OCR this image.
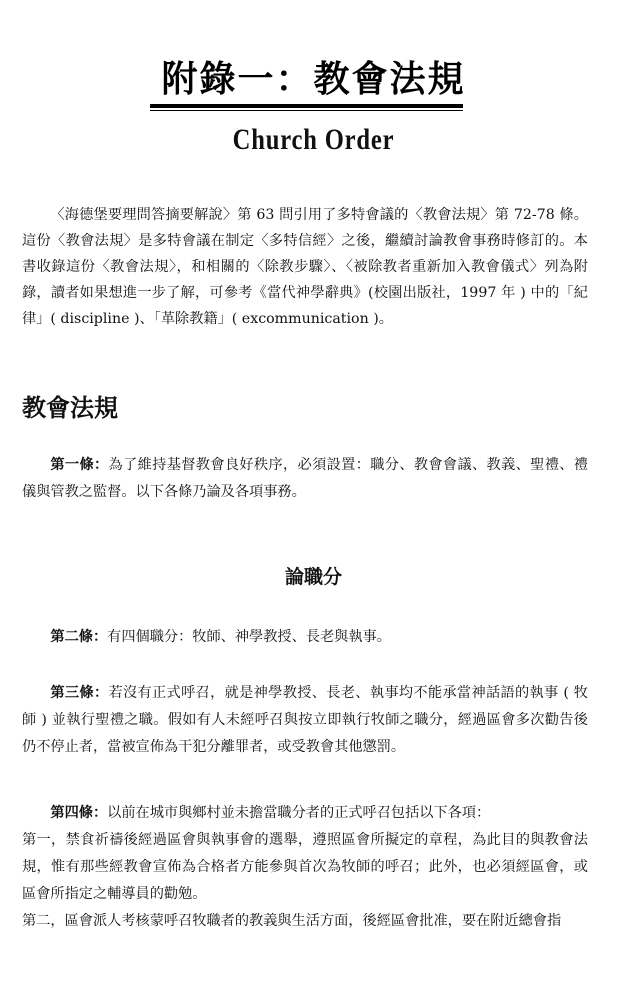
附錄一：教會法規
Church Order
〈海德堡要理問答摘要解說〉第 63 問引用了多特會議的〈教會法規〉第 72-78 條。這份〈教會法規〉是多特會議在制定〈多特信經〉之後，繼續討論教會事務時修訂的。本書收錄這份〈教會法規〉，和相關的〈除教步驟〉、〈被除教者重新加入教會儀式〉列為附錄，讀者如果想進一步了解，可參考《當代神學辭典》(校園出版社，1997 年 ) 中的「紀律」( discipline )、「革除教籍」( excommunication )。
教會法規

第一條：為了維持基督教會良好秩序，必須設置：職分、教會會議、教義、聖禮、禮儀與管教之監督。以下各條乃論及各項事務。

論職分

第二條：有四個職分：牧師、神學教授、長老與執事。

第三條：若沒有正式呼召，就是神學教授、長老、執事均不能承當神話語的執事 ( 牧師 ) 並執行聖禮之職。假如有人未經呼召與按立即執行牧師之職分，經過區會多次勸告後仍不停止者，當被宣佈為干犯分離罪者，或受教會其他懲罰。

第四條：以前在城市與鄉村並未擔當職分者的正式呼召包括以下各項：

第一，禁食祈禱後經過區會與執事會的選舉，遵照區會所擬定的章程，為此目的與教會法規，惟有那些經教會宣佈為合格者方能參與首次為牧師的呼召；此外，也必須經區會，或區會所指定之輔導員的勸勉。

第二，區會派人考核蒙呼召牧職者的教義與生活方面，後經區會批准，要在附近總會指
